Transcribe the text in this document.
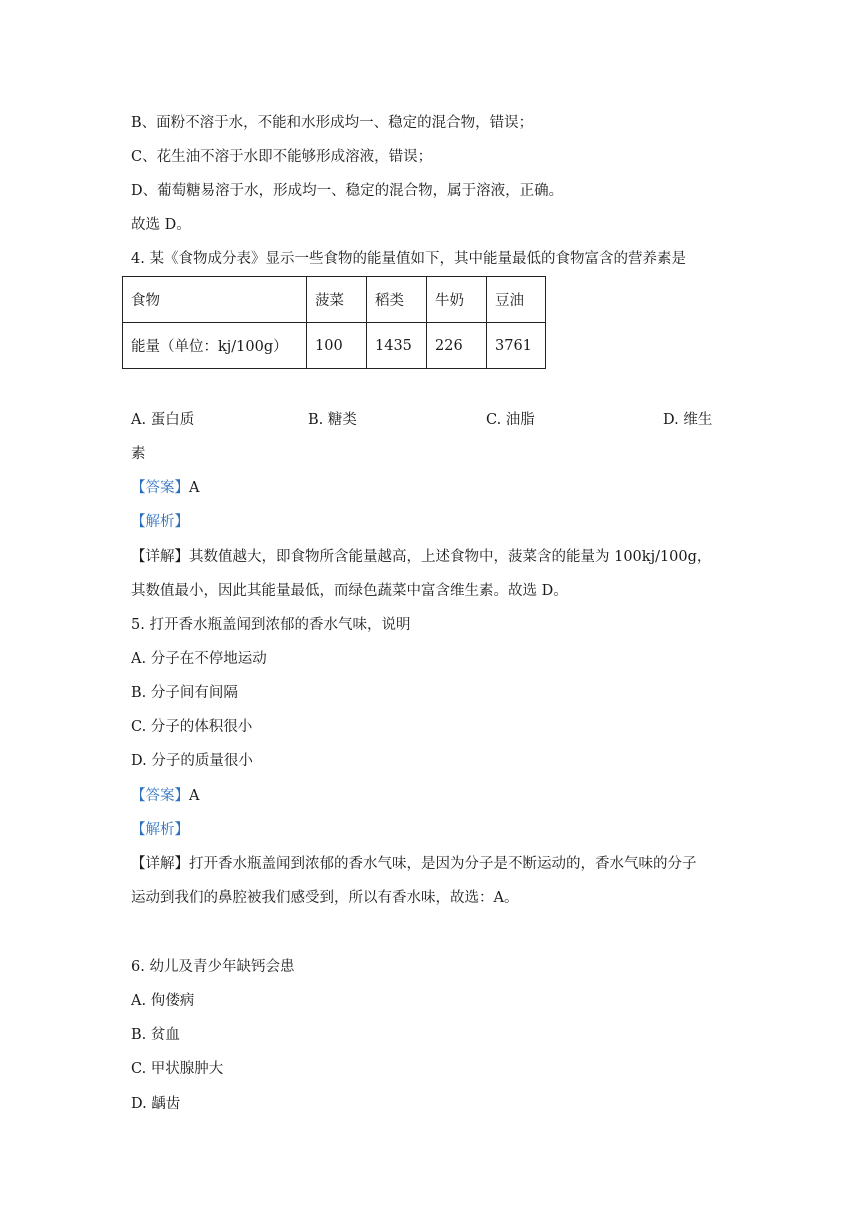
B、面粉不溶于水，不能和水形成均一、稳定的混合物，错误；
C、花生油不溶于水即不能够形成溶液，错误；
D、葡萄糖易溶于水，形成均一、稳定的混合物，属于溶液，正确。
故选 D。
4. 某《食物成分表》显示一些食物的能量值如下，其中能量最低的食物富含的营养素是
食物	菠菜	稻类	牛奶	豆油
能量（单位：kj/100g）	100	1435	226	3761
A. 蛋白质	B. 糖类	C. 油脂	D. 维生
素
【答案】A
【解析】
【详解】其数值越大，即食物所含能量越高，上述食物中，菠菜含的能量为 100kj/100g，
其数值最小，因此其能量最低，而绿色蔬菜中富含维生素。故选 D。
5. 打开香水瓶盖闻到浓郁的香水气味，说明
A. 分子在不停地运动
B. 分子间有间隔
C. 分子的体积很小
D. 分子的质量很小
【答案】A
【解析】
【详解】打开香水瓶盖闻到浓郁的香水气味，是因为分子是不断运动的，香水气味的分子
运动到我们的鼻腔被我们感受到，所以有香水味，故选：A。
6. 幼儿及青少年缺钙会患
A. 佝偻病
B. 贫血
C. 甲状腺肿大
D. 龋齿
